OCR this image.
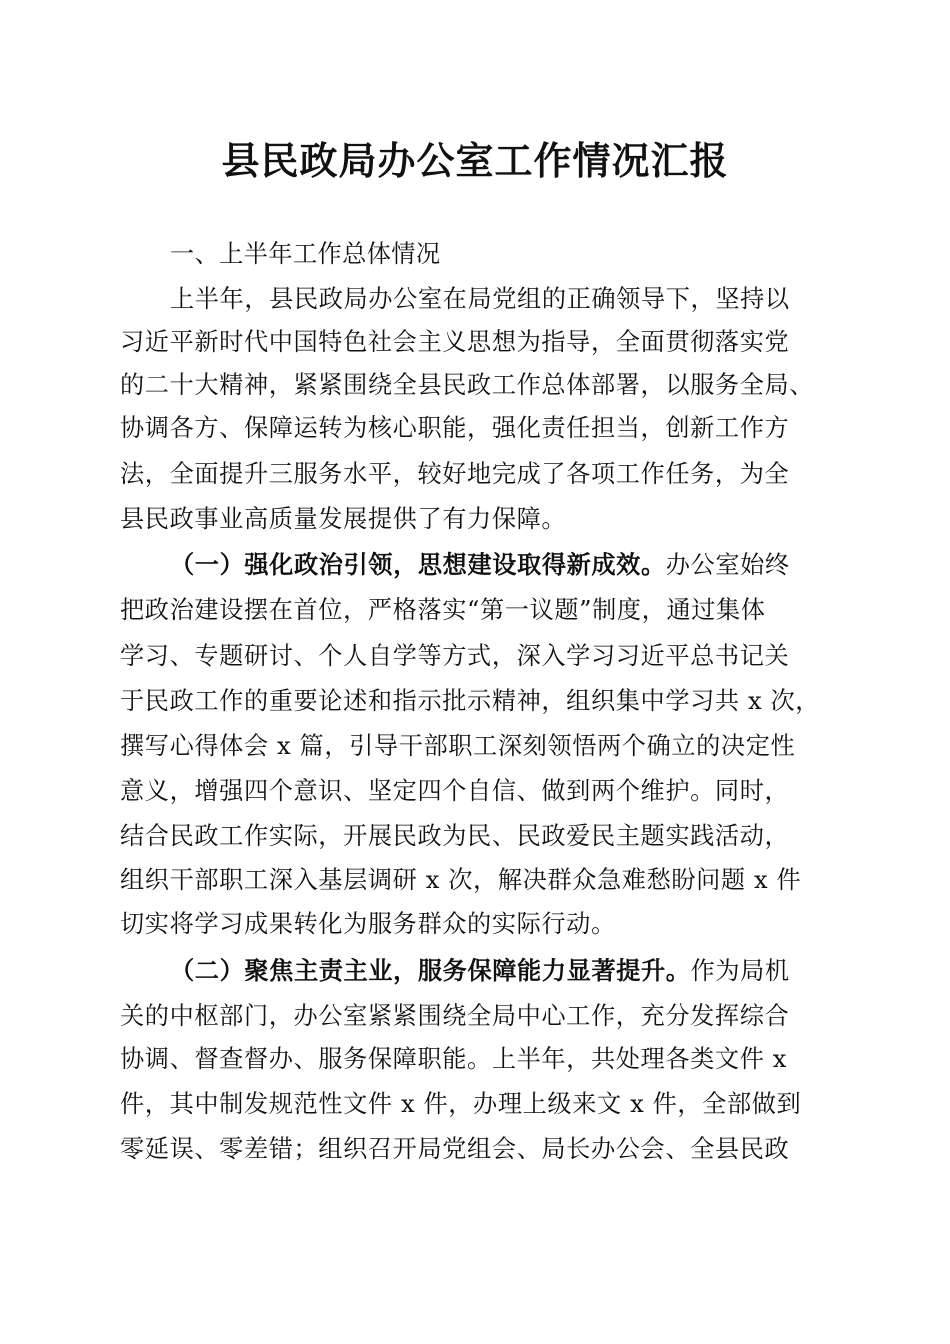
县民政局办公室工作情况汇报
一、上半年工作总体情况
上半年，县民政局办公室在局党组的正确领导下，坚持以
习近平新时代中国特色社会主义思想为指导，全面贯彻落实党
的二十大精神，紧紧围绕全县民政工作总体部署，以服务全局、
协调各方、保障运转为核心职能，强化责任担当，创新工作方
法，全面提升三服务水平，较好地完成了各项工作任务，为全
县民政事业高质量发展提供了有力保障。
（一）强化政治引领，思想建设取得新成效。办公室始终
把政治建设摆在首位，严格落实“第一议题”制度，通过集体
学习、专题研讨、个人自学等方式，深入学习习近平总书记关
于民政工作的重要论述和指示批示精神，组织集中学习共 x 次，
撰写心得体会 x 篇，引导干部职工深刻领悟两个确立的决定性
意义，增强四个意识、坚定四个自信、做到两个维护。同时，
结合民政工作实际，开展民政为民、民政爱民主题实践活动，
组织干部职工深入基层调研 x 次，解决群众急难愁盼问题 x 件
切实将学习成果转化为服务群众的实际行动。
（二）聚焦主责主业，服务保障能力显著提升。作为局机
关的中枢部门，办公室紧紧围绕全局中心工作，充分发挥综合
协调、督查督办、服务保障职能。上半年，共处理各类文件 x
件，其中制发规范性文件 x 件，办理上级来文 x 件，全部做到
零延误、零差错；组织召开局党组会、局长办公会、全县民政
